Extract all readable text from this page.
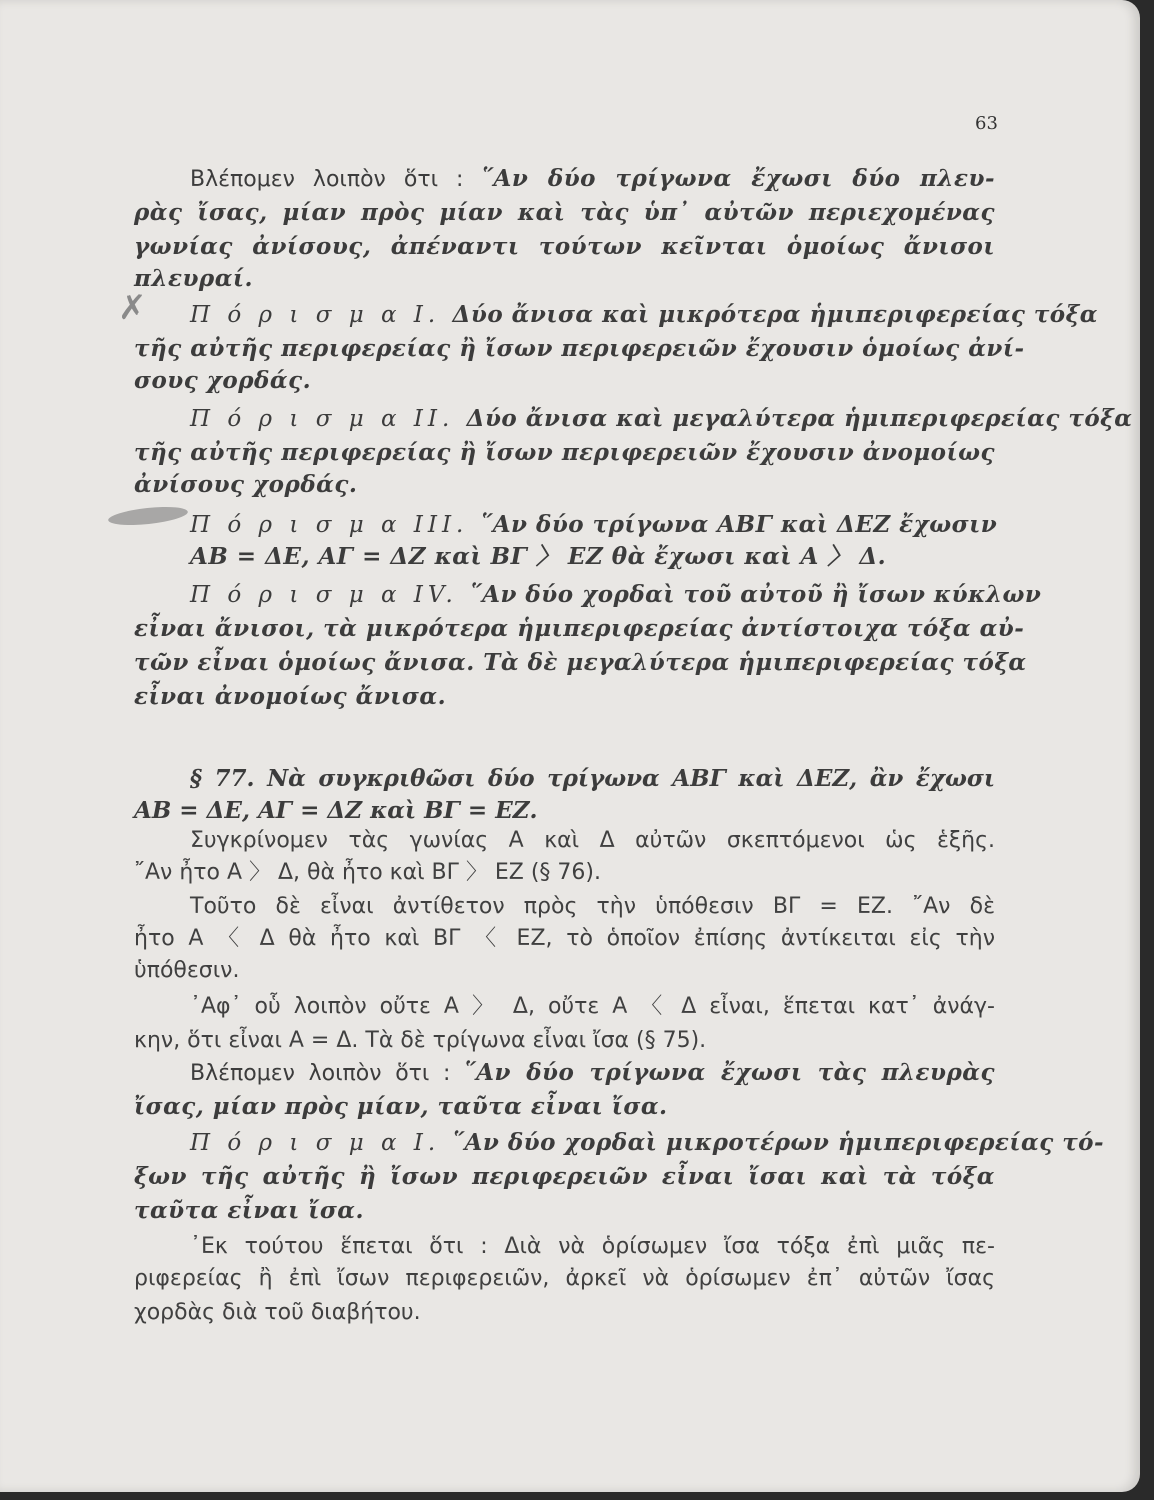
63
✗
Βλέπομεν λοιπὸν ὅτι : ῞Αν δύο τρίγωνα ἔχωσι δύο πλευ-
ρὰς ἴσας, μίαν πρὸς μίαν καὶ τὰς ὑπ᾿ αὐτῶν περιεχομένας
γωνίας ἀνίσους, ἀπέναντι τούτων κεῖνται ὁμοίως ἄνισοι
πλευραί.
Π ό ρ ι σ μ α Ι. Δύο ἄνισα καὶ μικρότερα ἡμιπεριφερείας τόξα
τῆς αὐτῆς περιφερείας ἢ ἴσων περιφερειῶν ἔχουσιν ὁμοίως ἀνί-
σους χορδάς.
Π ό ρ ι σ μ α ΙΙ. Δύο ἄνισα καὶ μεγαλύτερα ἡμιπεριφερείας τόξα
τῆς αὐτῆς περιφερείας ἢ ἴσων περιφερειῶν ἔχουσιν ἀνομοίως
ἀνίσους χορδάς.
Π ό ρ ι σ μ α ΙΙΙ. ῞Αν δύο τρίγωνα ΑΒΓ καὶ ΔΕΖ ἔχωσιν
ΑΒ = ΔΕ, ΑΓ = ΔΖ καὶ ΒΓ 〉 ΕΖ θὰ ἔχωσι καὶ Α 〉 Δ.
Π ό ρ ι σ μ α ΙV. ῞Αν δύο χορδαὶ τοῦ αὐτοῦ ἢ ἴσων κύκλων
εἶναι ἄνισοι, τὰ μικρότερα ἡμιπεριφερείας ἀντίστοιχα τόξα αὐ-
τῶν εἶναι ὁμοίως ἄνισα. Τὰ δὲ μεγαλύτερα ἡμιπεριφερείας τόξα
εἶναι ἀνομοίως ἄνισα.
§ 77. Νὰ συγκριθῶσι δύο τρίγωνα ΑΒΓ καὶ ΔΕΖ, ἂν ἔχωσι
ΑΒ = ΔΕ, ΑΓ = ΔΖ καὶ ΒΓ = ΕΖ.
Συγκρίνομεν τὰς γωνίας Α καὶ Δ αὐτῶν σκεπτόμενοι ὡς ἑξῆς.
῎Αν ἦτο Α 〉 Δ, θὰ ἦτο καὶ ΒΓ 〉 ΕΖ (§ 76).
Τοῦτο δὲ εἶναι ἀντίθετον πρὸς τὴν ὑπόθεσιν ΒΓ = ΕΖ. ῎Αν δὲ
ἦτο Α 〈 Δ θὰ ἦτο καὶ ΒΓ 〈 ΕΖ, τὸ ὁποῖον ἐπίσης ἀντίκειται εἰς τὴν
ὑπόθεσιν.
᾿Αφ᾿ οὗ λοιπὸν οὔτε Α 〉 Δ, οὔτε Α 〈 Δ εἶναι, ἕπεται κατ᾿ ἀνάγ-
κην, ὅτι εἶναι Α = Δ. Τὰ δὲ τρίγωνα εἶναι ἴσα (§ 75).
Βλέπομεν λοιπὸν ὅτι : ῞Αν δύο τρίγωνα ἔχωσι τὰς πλευρὰς
ἴσας, μίαν πρὸς μίαν, ταῦτα εἶναι ἴσα.
Π ό ρ ι σ μ α Ι. ῞Αν δύο χορδαὶ μικροτέρων ἡμιπεριφερείας τό-
ξων τῆς αὐτῆς ἢ ἴσων περιφερειῶν εἶναι ἴσαι καὶ τὰ τόξα
ταῦτα εἶναι ἴσα.
᾿Εκ τούτου ἕπεται ὅτι : Διὰ νὰ ὁρίσωμεν ἴσα τόξα ἐπὶ μιᾶς πε-
ριφερείας ἢ ἐπὶ ἴσων περιφερειῶν, ἀρκεῖ νὰ ὁρίσωμεν ἐπ᾿ αὐτῶν ἴσας
χορδὰς διὰ τοῦ διαβήτου.
